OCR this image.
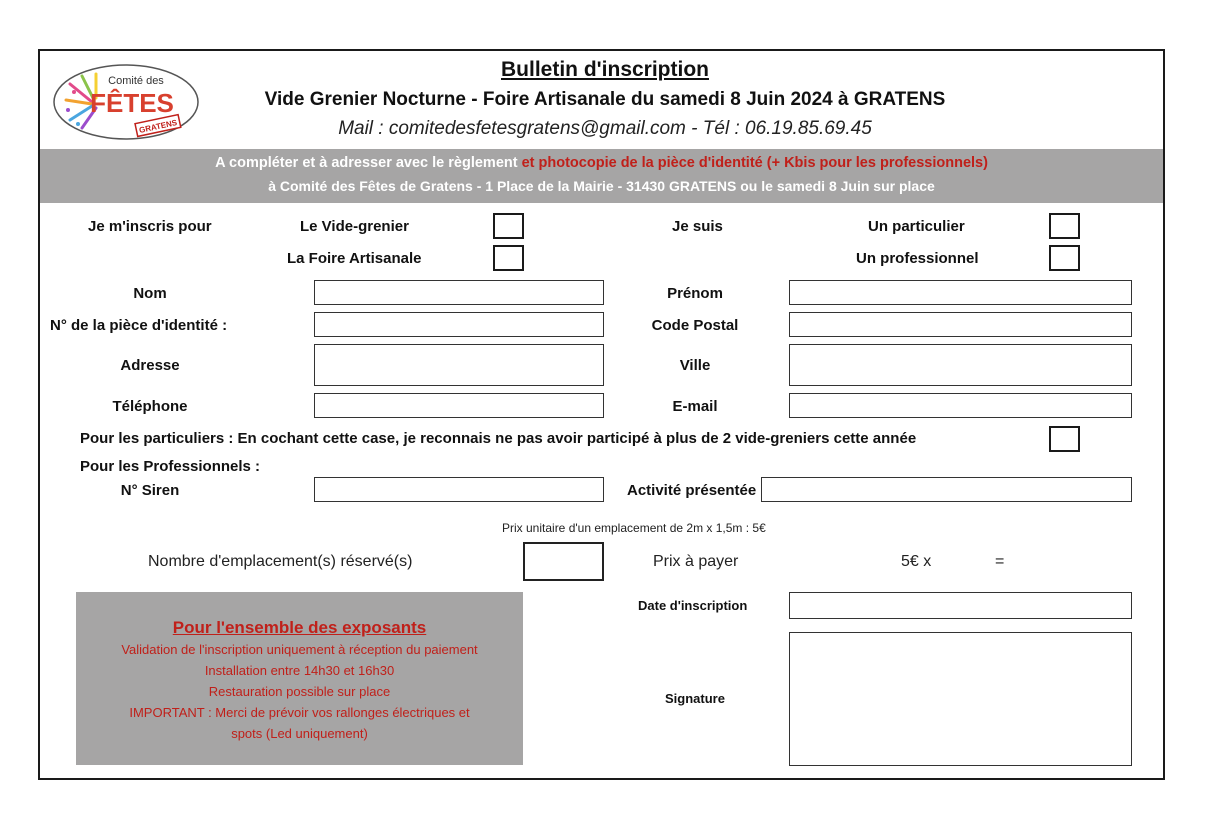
Comité des
FÊTES
GRATENS
Bulletin d'inscription
Vide Grenier Nocturne - Foire Artisanale du samedi 8 Juin 2024 à GRATENS
Mail : comitedesfetesgratens@gmail.com - Tél : 06.19.85.69.45
A compléter et à adresser avec le règlement et photocopie de la pièce d'identité (+ Kbis pour les professionnels)
à Comité des Fêtes de Gratens - 1 Place de la Mairie - 31430 GRATENS ou le samedi 8 Juin sur place
Je m'inscris pour	Le Vide-grenier
La Foire Artisanale
Je suis	Un particulier
Un professionnel
Nom	Prénom
N° de la pièce d'identité :	Code Postal
Adresse	Ville
Téléphone	E-mail
Pour les particuliers : En cochant cette case, je reconnais ne pas avoir participé à plus de 2 vide-greniers cette année
Pour les Professionnels :
N° Siren	Activité présentée
Prix unitaire d'un emplacement de 2m x 1,5m : 5€
Nombre d'emplacement(s) réservé(s)	Prix à payer	5€ x	=
Pour l'ensemble des exposants
Validation de l'inscription uniquement à réception du paiement
Installation entre 14h30 et 16h30
Restauration possible sur place
IMPORTANT : Merci de prévoir vos rallonges électriques et
spots (Led uniquement)
Date d'inscription
Signature
